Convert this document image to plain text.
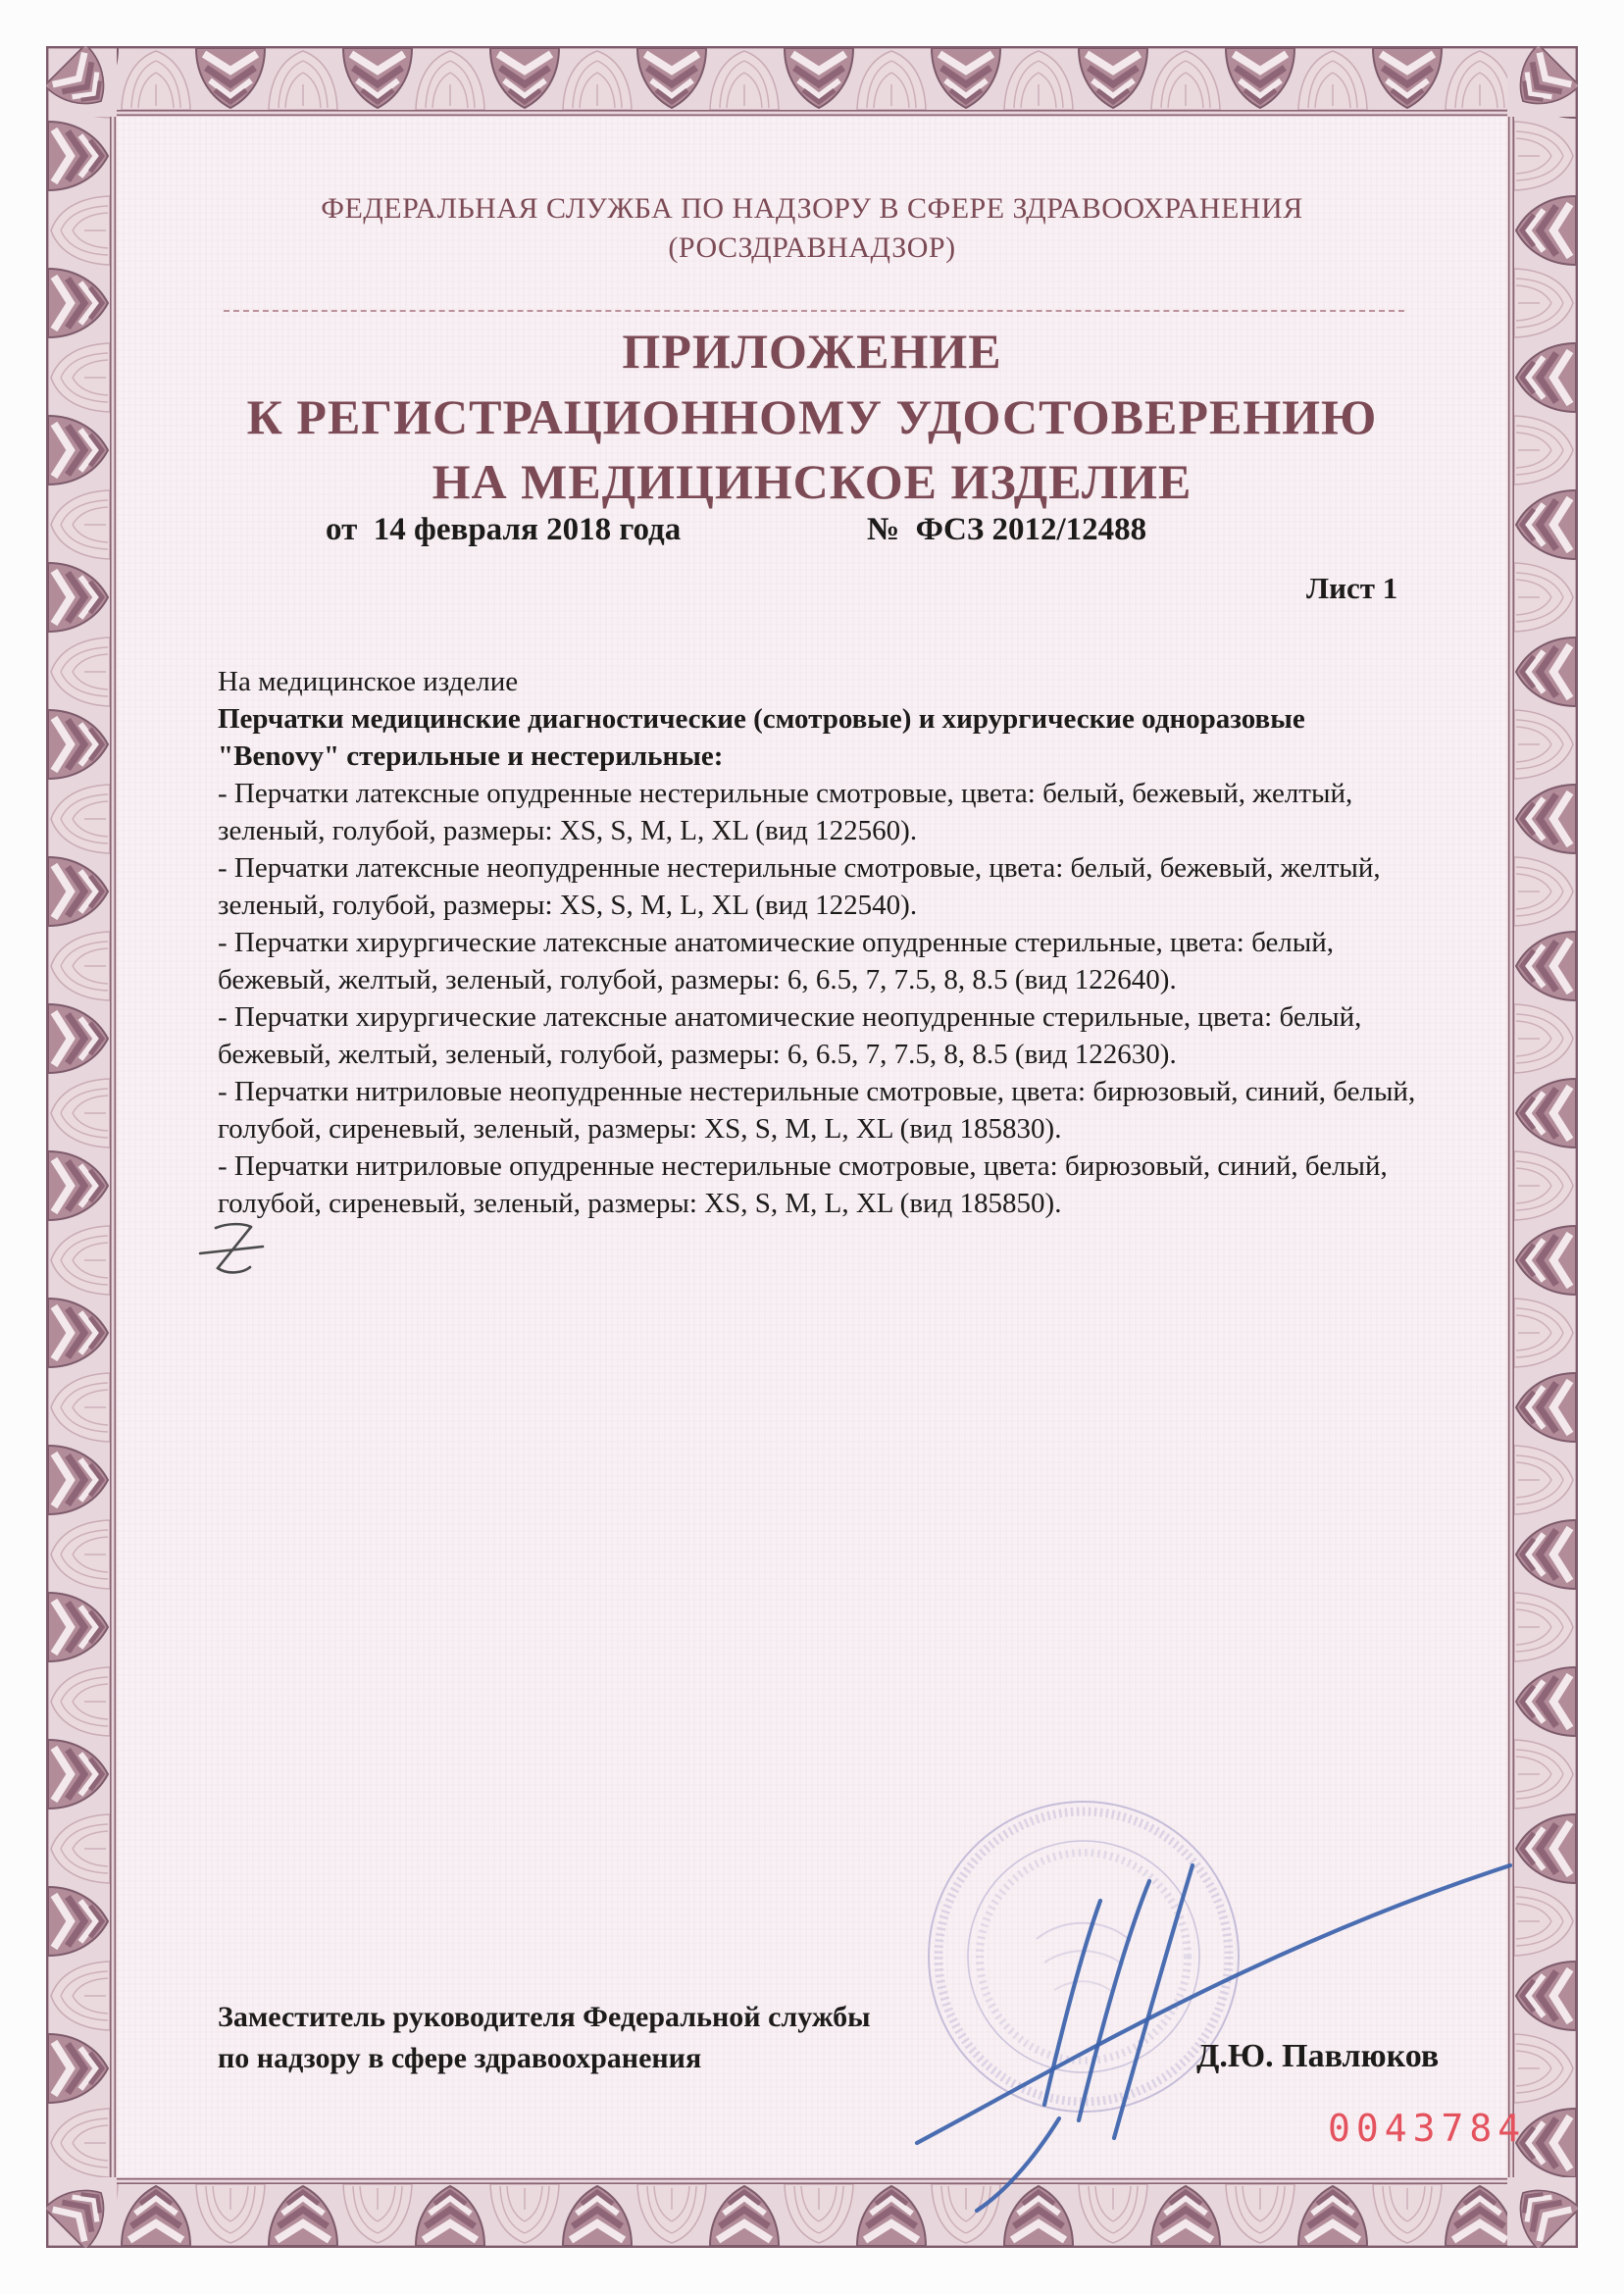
ФЕДЕРАЛЬНАЯ СЛУЖБА ПО НАДЗОРУ В СФЕРЕ ЗДРАВООХРАНЕНИЯ
(РОСЗДРАВНАДЗОР)
ПРИЛОЖЕНИЕ
К РЕГИСТРАЦИОННОМУ УДОСТОВЕРЕНИЮ
НА МЕДИЦИНСКОЕ ИЗДЕЛИЕ
от  14 февраля 2018 года	№  ФСЗ 2012/12488
Лист 1

На медицинское изделие

Перчатки медицинские диагностические (смотровые) и хирургические одноразовые "Benovy" стерильные и нестерильные:

- Перчатки латексные опудренные нестерильные смотровые, цвета: белый, бежевый, желтый, зеленый, голубой, размеры: XS, S, M, L, XL (вид 122560).

- Перчатки латексные неопудренные нестерильные смотровые, цвета: белый, бежевый, желтый, зеленый, голубой, размеры: XS, S, M, L, XL (вид 122540).

- Перчатки хирургические латексные анатомические опудренные стерильные, цвета: белый, бежевый, желтый, зеленый, голубой, размеры: 6, 6.5, 7, 7.5, 8, 8.5 (вид 122640).

- Перчатки хирургические латексные анатомические неопудренные стерильные, цвета: белый, бежевый, желтый, зеленый, голубой, размеры: 6, 6.5, 7, 7.5, 8, 8.5 (вид 122630).

- Перчатки нитриловые неопудренные нестерильные смотровые, цвета: бирюзовый, синий, белый, голубой, сиреневый, зеленый, размеры: XS, S, M, L, XL (вид 185830).

- Перчатки нитриловые опудренные нестерильные смотровые, цвета: бирюзовый, синий, белый, голубой, сиреневый, зеленый, размеры: XS, S, M, L, XL (вид 185850).

Заместитель руководителя Федеральной службы
по надзору в сфере здравоохранения	Д.Ю. Павлюков
0043784
